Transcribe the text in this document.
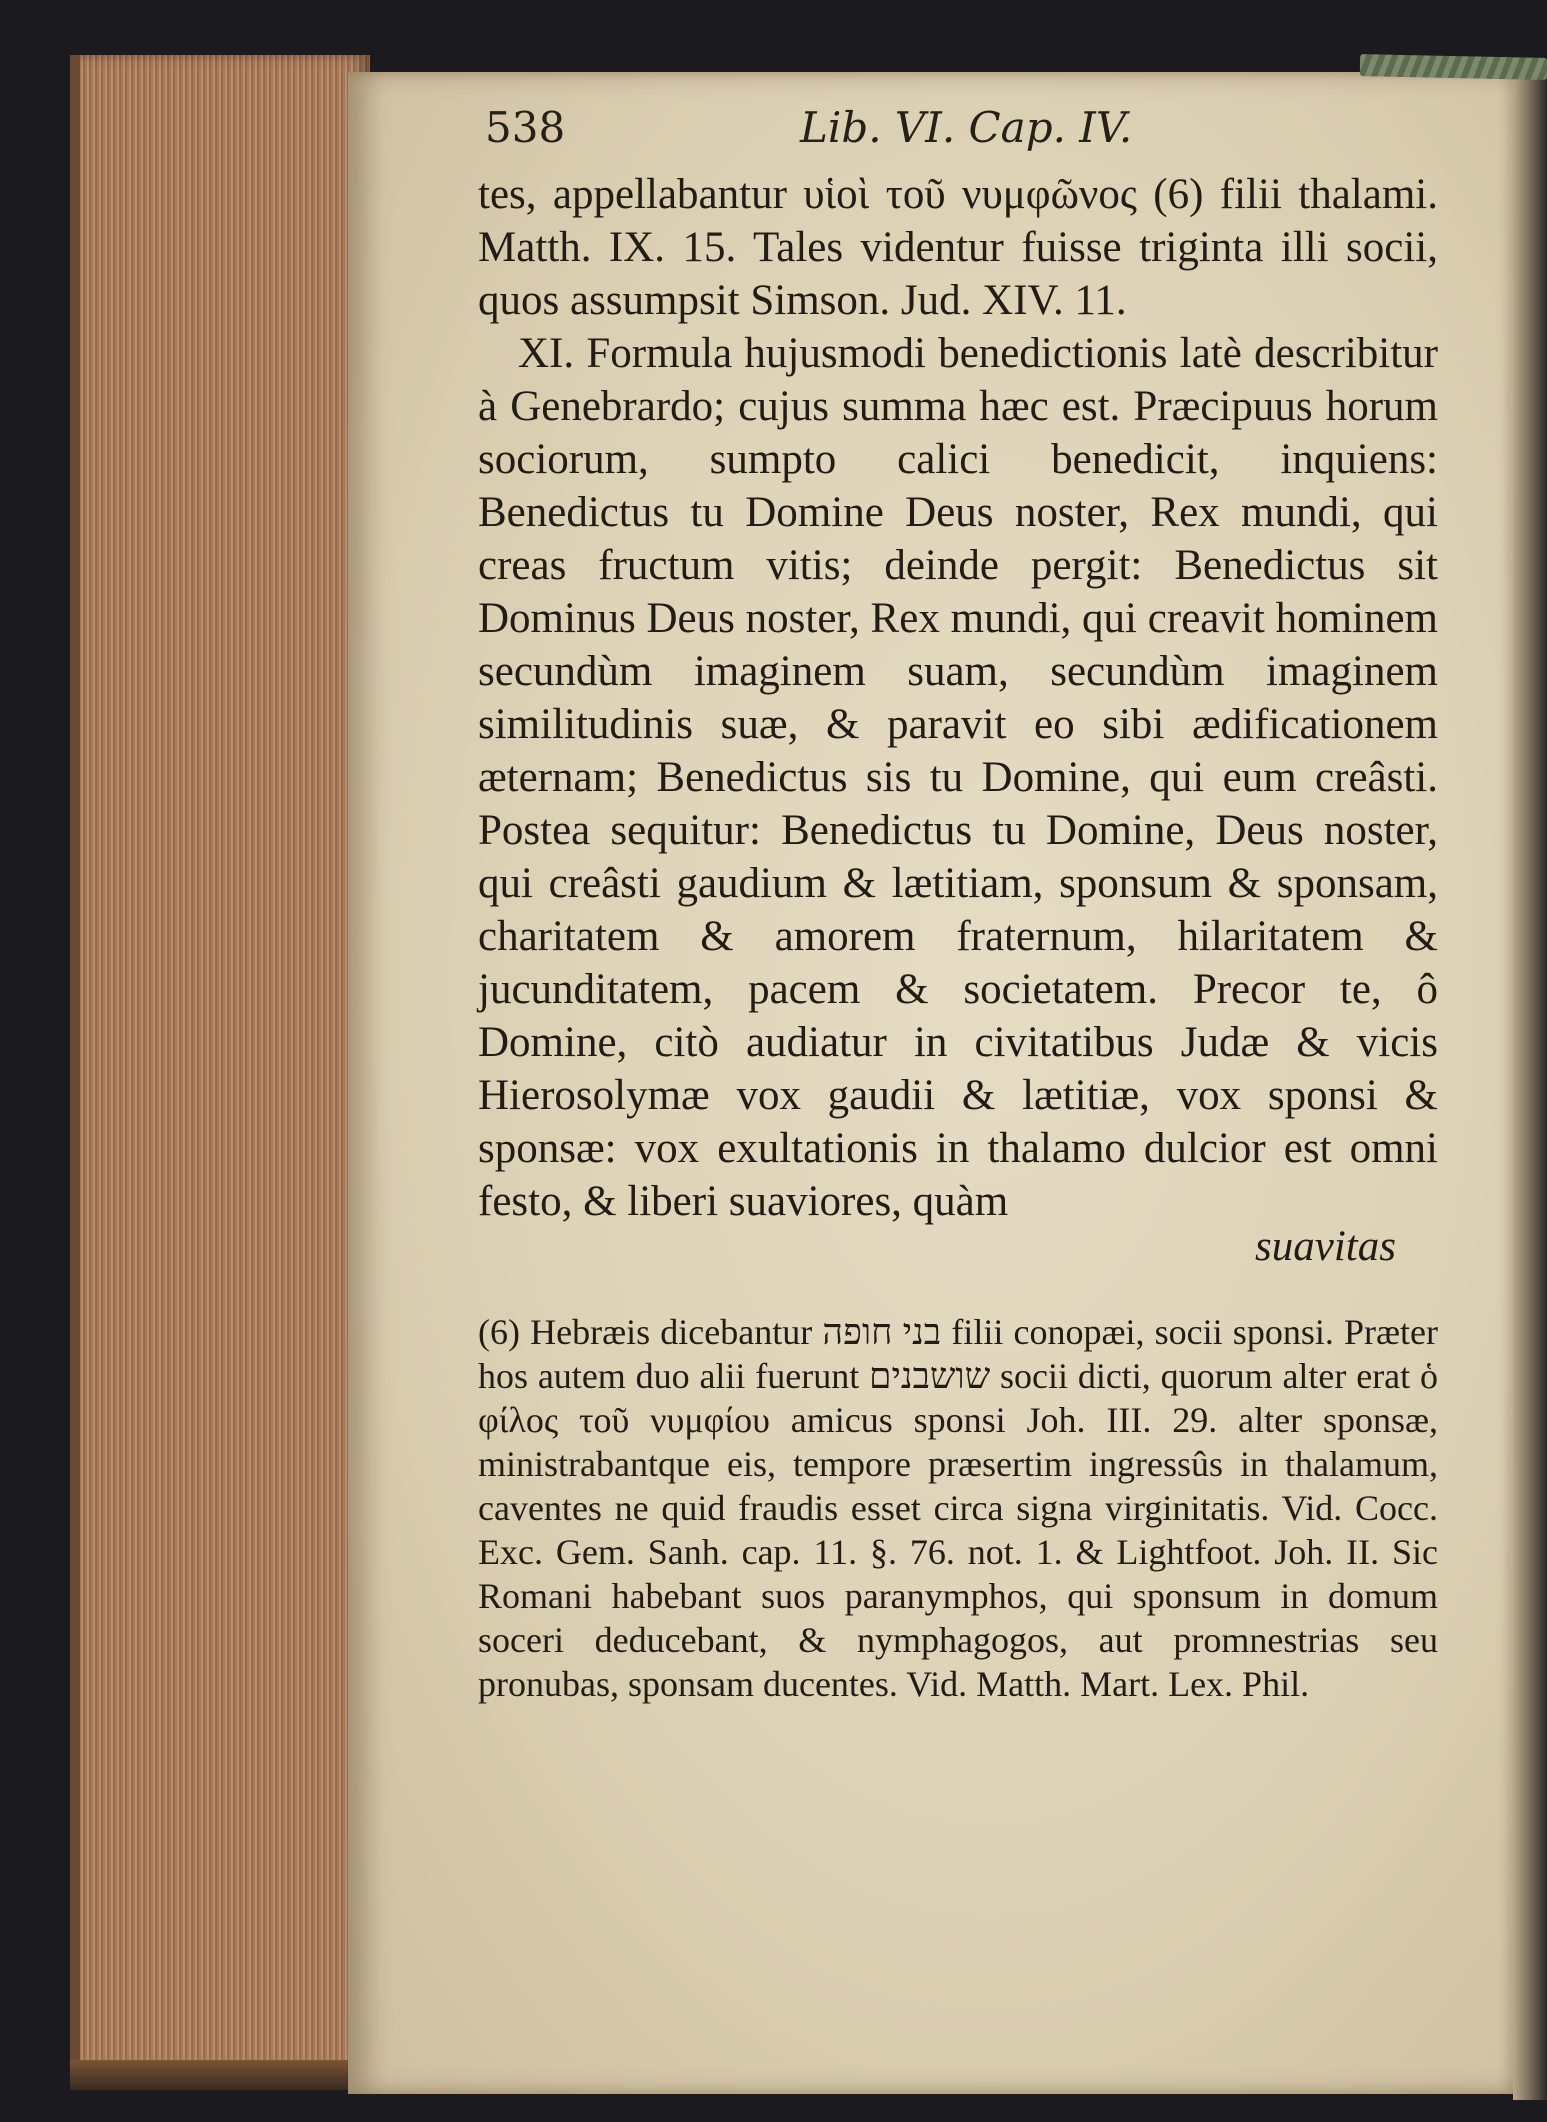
538	Lib. VI. Cap. IV.

tes, appellabantur υἱοὶ τοῦ νυμφῶνος (6) filii thalami. Matth. IX. 15. Tales videntur fuisse triginta illi socii, quos assumpsit Simson. Jud. XIV. 11.

XI. Formula hujusmodi benedictionis latè describitur à Genebrardo; cujus summa hæc est. Præcipuus horum sociorum, sumpto calici benedicit, inquiens: Benedictus tu Domine Deus noster, Rex mundi, qui creas fructum vitis; deinde pergit: Benedictus sit Dominus Deus noster, Rex mundi, qui creavit hominem secundùm imaginem suam, secundùm imaginem similitudinis suæ, & paravit eo sibi ædificationem æternam; Benedictus sis tu Domine, qui eum creâsti. Postea sequitur: Benedictus tu Domine, Deus noster, qui creâsti gaudium & lætitiam, sponsum & sponsam, charitatem & amorem fraternum, hilaritatem & jucunditatem, pacem & societatem. Precor te, ô Domine, citò audiatur in civitatibus Judæ & vicis Hierosolymæ vox gaudii & lætitiæ, vox sponsi & sponsæ: vox exultationis in thalamo dulcior est omni festo, & liberi suaviores, quàm

suavitas

(6) Hebræis dicebantur בני חופה filii conopæi, socii sponsi. Præter hos autem duo alii fuerunt שושבנים socii dicti, quorum alter erat ὁ φίλος τοῦ νυμφίου amicus sponsi Joh. III. 29. alter sponsæ, ministrabantque eis, tempore præsertim ingressûs in thalamum, caventes ne quid fraudis esset circa signa virginitatis. Vid. Cocc. Exc. Gem. Sanh. cap. 11. §. 76. not. 1. & Lightfoot. Joh. II. Sic Romani habebant suos paranymphos, qui sponsum in domum soceri deducebant, & nymphagogos, aut promnestrias seu pronubas, sponsam ducentes. Vid. Matth. Mart. Lex. Phil.
